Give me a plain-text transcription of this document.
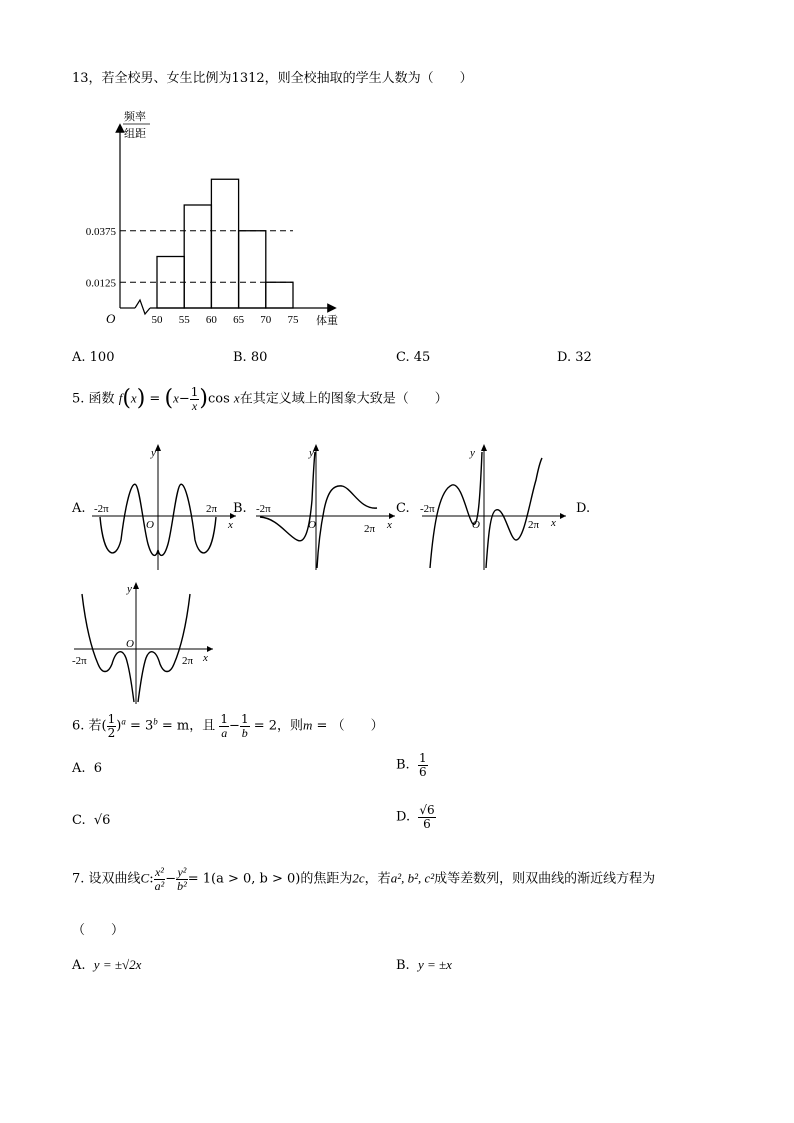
13，若全校男、女生比例为1312，则全校抽取的学生人数为（　　）
频率
组距
O	体重
50 55 60 65 70 75
0.0375
0.0125
A. 100	B. 80	C. 45	D. 32
5. 函数 $f(x) = (x- \frac{1}{x} )\cos$ x在其定义域上的图象大致是（　　）
A.	B.	C.	D.
y
x
O
-2π	2π
y
x
O
-2π
2π
y
x
O
-2π
2π
y
x
O
-2π	2π
6. 若( $\frac{1}{2} )^a = 3^b = m$，且 $\frac{1}{a} - \frac{1}{b} = 2$，则m = （　　）
A. 6	B. $\frac{1}{6}$
C. √6	D. $\frac{√6}{6}$
7. 设双曲线C: $\frac{\text{x²}}{\text{a²}} - \frac{\text{y²}}{\text{b²}} = 1(a > 0$, b > 0)的焦距为2c，若a², b², c²成等差数列，则双曲线的渐近线方程为
（　　）
A. y = ±√2x	B. y = ±x
